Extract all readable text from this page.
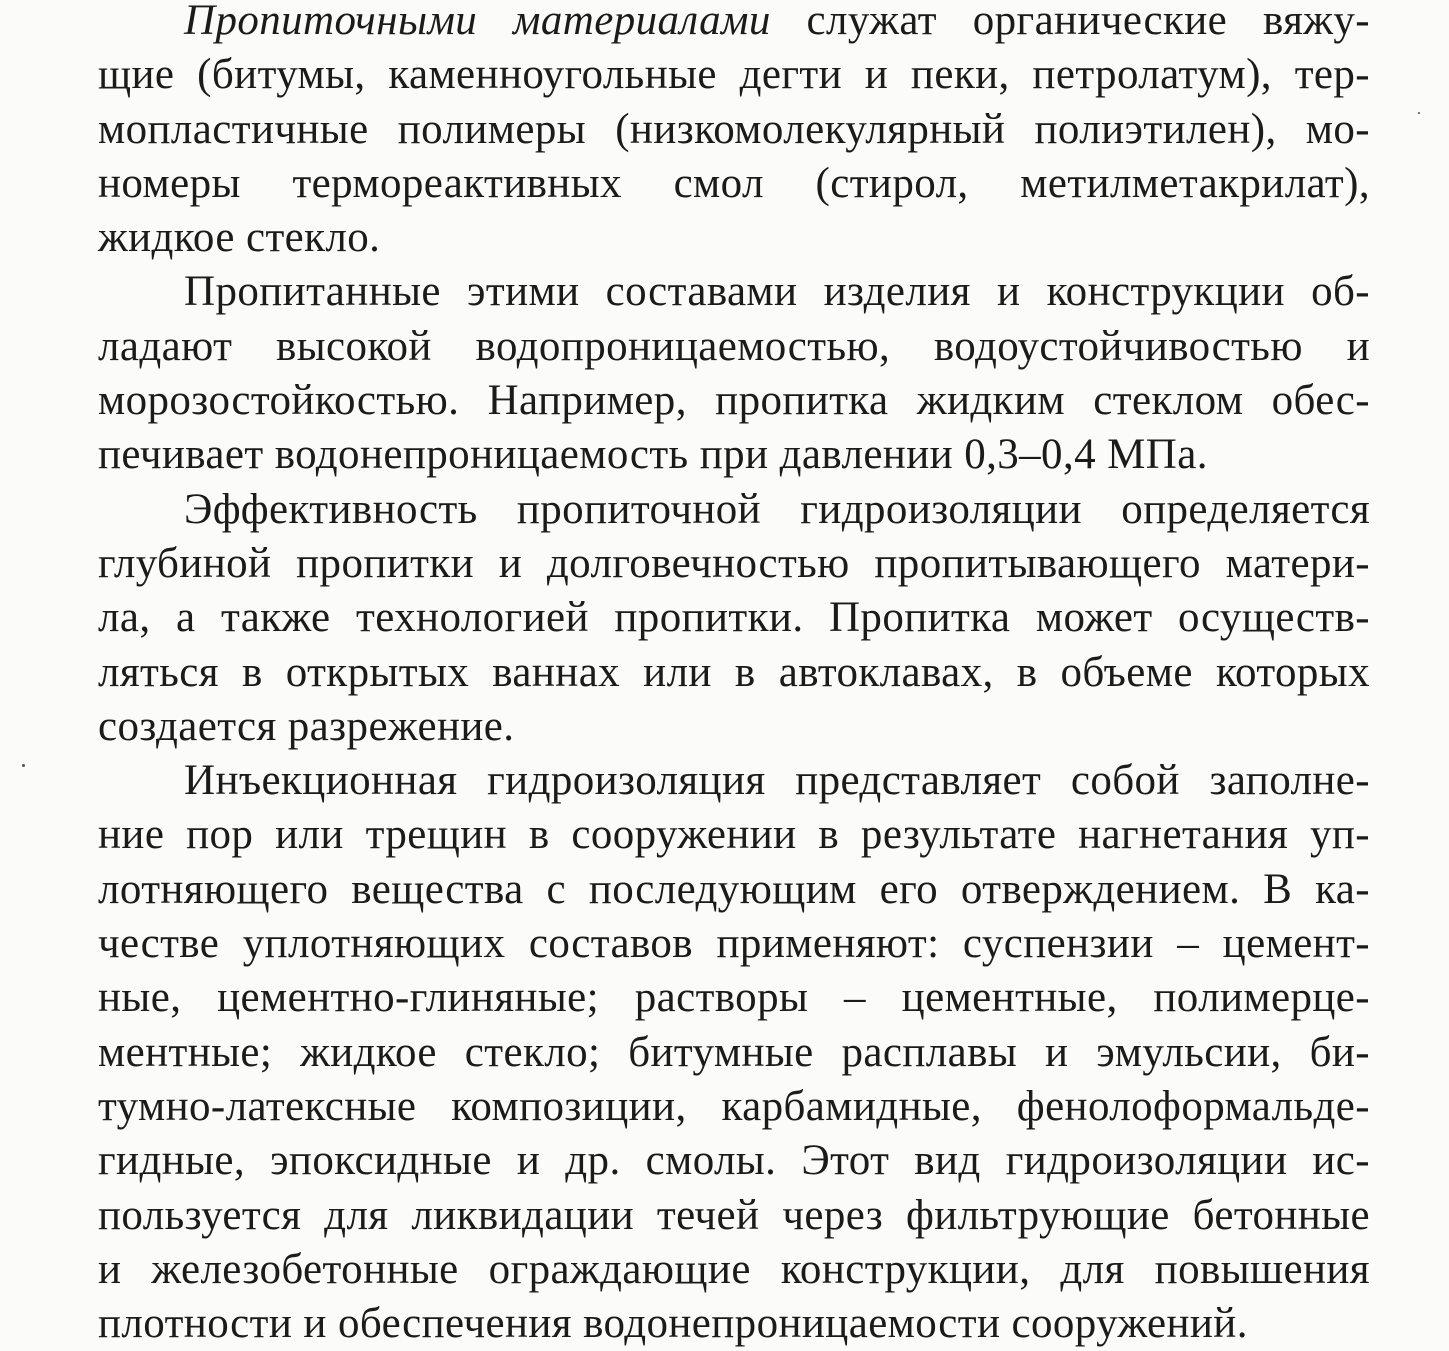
Пропиточными материалами служат органические вяжу-
щие (битумы, каменноугольные дегти и пеки, петролатум), тер-
мопластичные полимеры (низкомолекулярный полиэтилен), мо-
номеры термореактивных смол (стирол, метилметакрилат),
жидкое стекло.

Пропитанные этими составами изделия и конструкции об-
ладают высокой водопроницаемостью, водоустойчивостью и
морозостойкостью. Например, пропитка жидким стеклом обес-
печивает водонепроницаемость при давлении 0,3–0,4 МПа.

Эффективность пропиточной гидроизоляции определяется
глубиной пропитки и долговечностью пропитывающего матери-
ла, а также технологией пропитки. Пропитка может осуществ-
ляться в открытых ваннах или в автоклавах, в объеме которых
создается разрежение.

Инъекционная гидроизоляция представляет собой заполне-
ние пор или трещин в сооружении в результате нагнетания уп-
лотняющего вещества с последующим его отверждением. В ка-
честве уплотняющих составов применяют: суспензии – цемент-
ные, цементно-глиняные; растворы – цементные, полимерце-
ментные; жидкое стекло; битумные расплавы и эмульсии, би-
тумно-латексные композиции, карбамидные, фенолоформальде-
гидные, эпоксидные и др. смолы. Этот вид гидроизоляции ис-
пользуется для ликвидации течей через фильтрующие бетонные
и железобетонные ограждающие конструкции, для повышения
плотности и обеспечения водонепроницаемости сооружений.
